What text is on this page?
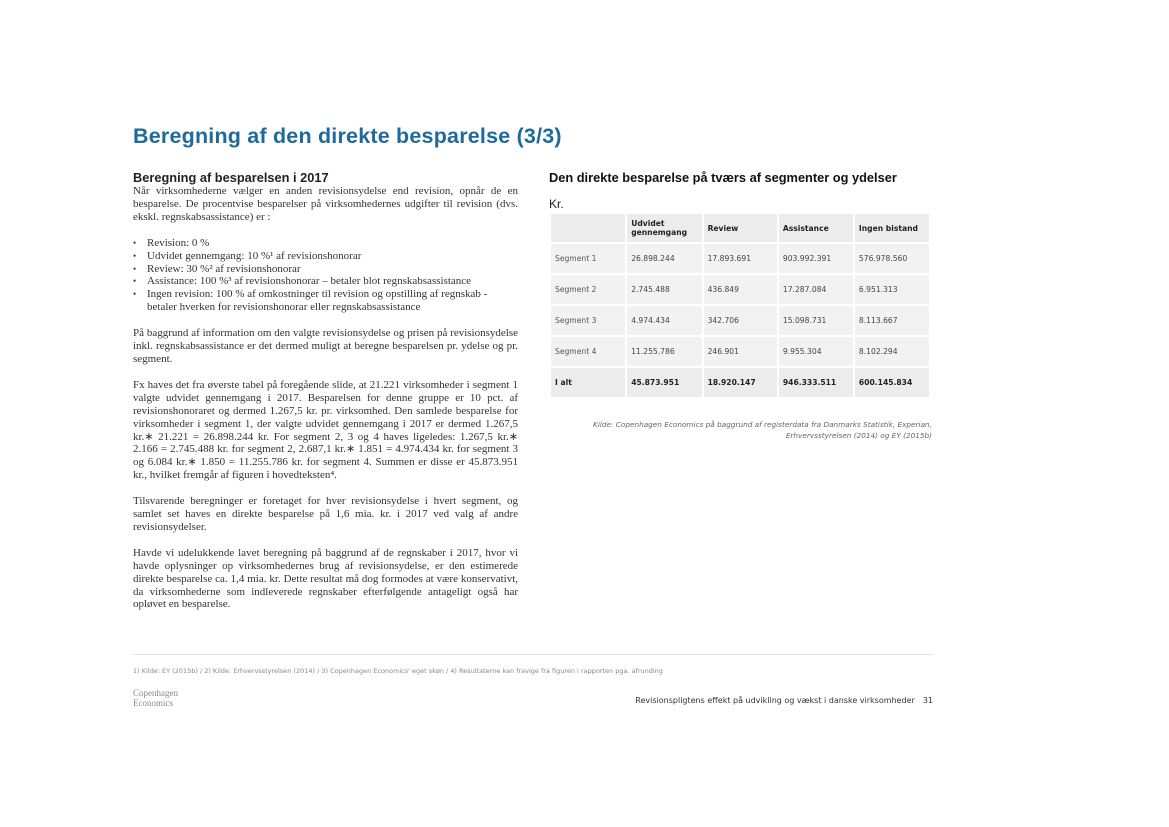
Beregning af den direkte besparelse (3/3)
Beregning af besparelsen i 2017

Når virksomhederne vælger en anden revisionsydelse end revision, opnår de en besparelse. De procentvise besparelser på virksomhedernes udgifter til revision (dvs. ekskl. regnskabsassistance) er :

• Revision: 0 %
• Udvidet gennemgang: 10 %¹ af revisionshonorar
• Review: 30 %² af revisionshonorar
• Assistance: 100 %³ af revisionshonorar – betaler blot regnskabsassistance
• Ingen revision: 100 % af omkostninger til revision og opstilling af regnskab - betaler hverken for revisionshonorar eller regnskabsassistance

På baggrund af information om den valgte revisionsydelse og prisen på revisionsydelse inkl. regnskabsassistance er det dermed muligt at beregne besparelsen pr. ydelse og pr. segment.

Fx haves det fra øverste tabel på foregående slide, at 21.221 virksomheder i segment 1 valgte udvidet gennemgang i 2017. Besparelsen for denne gruppe er 10 pct. af revisionshonoraret og dermed 1.267,5 kr. pr. virksomhed. Den samlede besparelse for virksomheder i segment 1, der valgte udvidet gennemgang i 2017 er dermed 1.267,5 kr.∗ 21.221 = 26.898.244 kr. For segment 2, 3 og 4 haves ligeledes: 1.267,5 kr.∗ 2.166 = 2.745.488 kr. for segment 2, 2.687,1 kr.∗ 1.851 = 4.974.434 kr. for segment 3 og 6.084 kr.∗ 1.850 = 11.255.786 kr. for segment 4. Summen er disse er 45.873.951 kr., hvilket fremgår af figuren i hovedteksten⁴.

Tilsvarende beregninger er foretaget for hver revisionsydelse i hvert segment, og samlet set haves en direkte besparelse på 1,6 mia. kr. i 2017 ved valg af andre revisionsydelser.

Havde vi udelukkende lavet beregning på baggrund af de regnskaber i 2017, hvor vi havde oplysninger op virksomhedernes brug af revisionsydelse, er den estimerede direkte besparelse ca. 1,4 mia. kr. Dette resultat må dog formodes at være konservativt, da virksomhederne som indleverede regnskaber efterfølgende antageligt også har opløvet en besparelse.

Den direkte besparelse på tværs af segmenter og ydelser
Kr.
	Udvidet gennemgang	Review	Assistance	Ingen bistand
Segment 1	26.898.244	17.893.691	903.992.391	576.978.560
Segment 2	2.745.488	436.849	17.287.084	6.951.313
Segment 3	4.974.434	342.706	15.098.731	8.113.667
Segment 4	11.255.786	246.901	9.955.304	8.102.294
I alt	45.873.951	18.920.147	946.333.511	600.145.834
Kilde: Copenhagen Economics på baggrund af registerdata fra Danmarks Statistik, Experian, Erhvervsstyrelsen (2014) og EY (2015b)
1) Kilde: EY (2015b) / 2) Kilde: Erhvervsstyrelsen (2014) / 3) Copenhagen Economics' eget skøn / 4) Resultaterne kan fravige fra figuren i rapporten pga. afrunding
Copenhagen
Economics	Revisionspligtens effekt på udvikling og vækst i danske virksomheder 31
